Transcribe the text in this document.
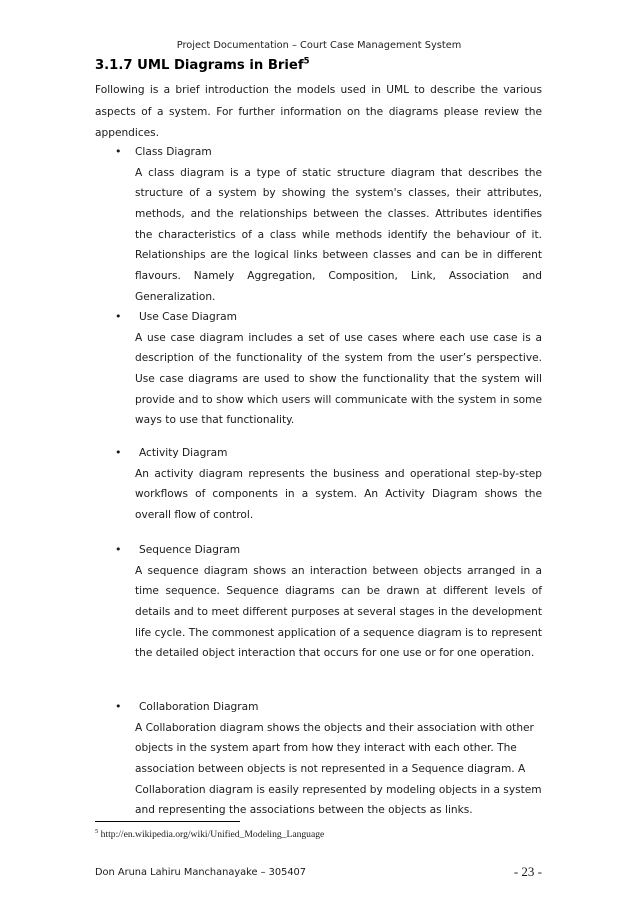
Project Documentation – Court Case Management System
3.1.7 UML Diagrams in Brief$^5$

Following is a brief introduction the models used in UML to describe the various aspects of a system. For further information on the diagrams please review the appendices.

•	Class Diagram

A class diagram is a type of static structure diagram that describes the structure of a system by showing the system's classes, their attributes, methods, and the relationships between the classes. Attributes identifies the characteristics of a class while methods identify the behaviour of it. Relationships are the logical links between classes and can be in different flavours. Namely Aggregation, Composition, Link, Association and Generalization.

•	Use Case Diagram

A use case diagram includes a set of use cases where each use case is a description of the functionality of the system from the user’s perspective. Use case diagrams are used to show the functionality that the system will provide and to show which users will communicate with the system in some ways to use that functionality.

•	Activity Diagram

An activity diagram represents the business and operational step-by-step workflows of components in a system. An Activity Diagram shows the overall flow of control.

•	Sequence Diagram

A sequence diagram shows an interaction between objects arranged in a time sequence. Sequence diagrams can be drawn at different levels of details and to meet different purposes at several stages in the development life cycle. The commonest application of a sequence diagram is to represent the detailed object interaction that occurs for one use or for one operation.

•	Collaboration Diagram

A Collaboration diagram shows the objects and their association with other objects in the system apart from how they interact with each other. The association between objects is not represented in a Sequence diagram. A Collaboration diagram is easily represented by modeling objects in a system and representing the associations between the objects as links.

$^5$ http://en.wikipedia.org/wiki/Unified_Modeling_Language
Don Aruna Lahiru Manchanayake – 305407	- 23 -
